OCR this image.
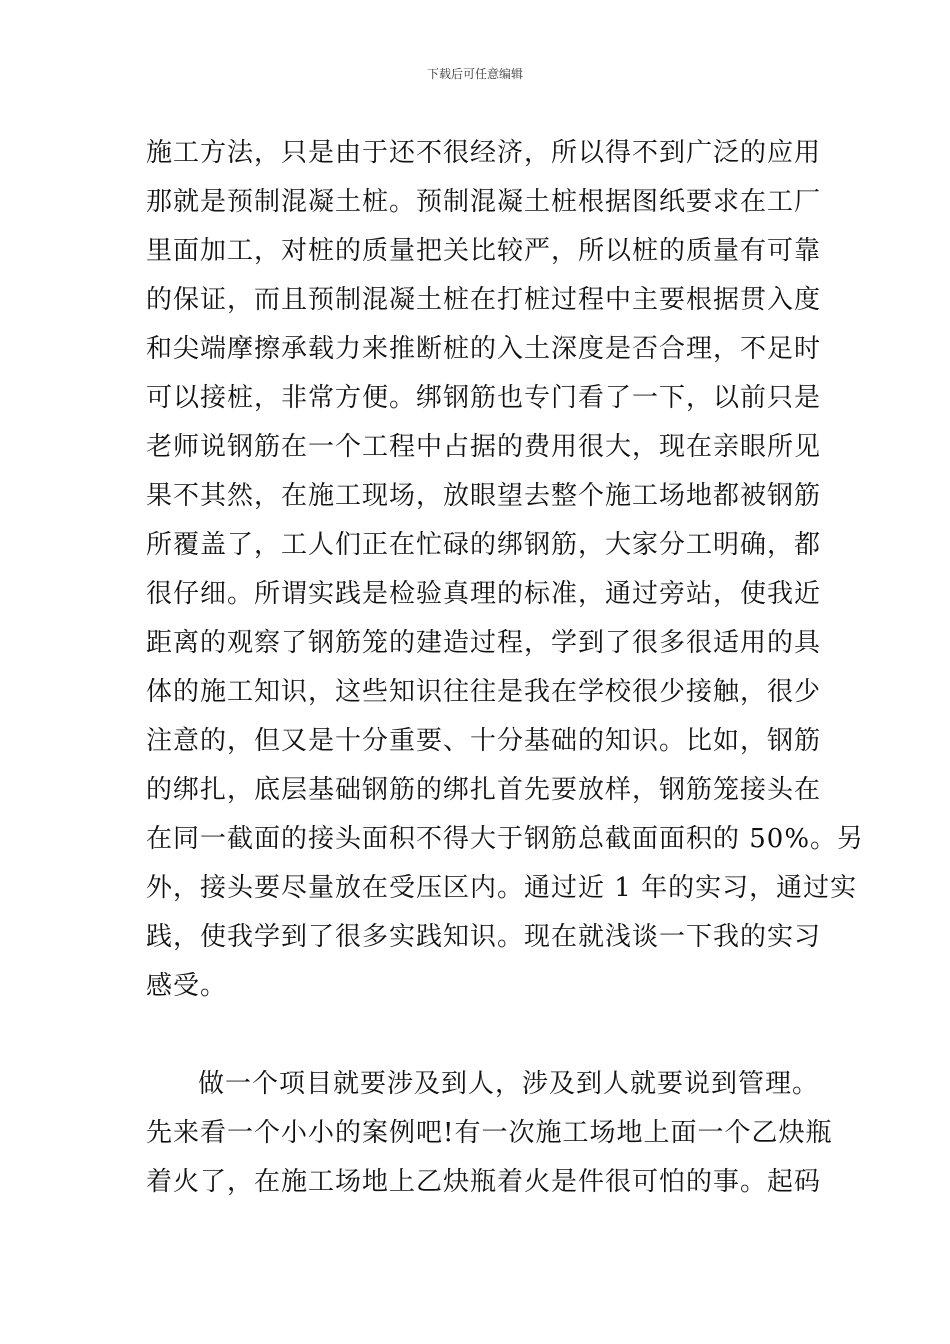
下载后可任意编辑
施工方法，只是由于还不很经济，所以得不到广泛的应用
那就是预制混凝土桩。预制混凝土桩根据图纸要求在工厂
里面加工，对桩的质量把关比较严，所以桩的质量有可靠
的保证，而且预制混凝土桩在打桩过程中主要根据贯入度
和尖端摩擦承载力来推断桩的入土深度是否合理，不足时
可以接桩，非常方便。绑钢筋也专门看了一下，以前只是
老师说钢筋在一个工程中占据的费用很大，现在亲眼所见
果不其然，在施工现场，放眼望去整个施工场地都被钢筋
所覆盖了，工人们正在忙碌的绑钢筋，大家分工明确，都
很仔细。所谓实践是检验真理的标准，通过旁站，使我近
距离的观察了钢筋笼的建造过程，学到了很多很适用的具
体的施工知识，这些知识往往是我在学校很少接触，很少
注意的，但又是十分重要、十分基础的知识。比如，钢筋
的绑扎，底层基础钢筋的绑扎首先要放样，钢筋笼接头在
在同一截面的接头面积不得大于钢筋总截面面积的 50%。另
外，接头要尽量放在受压区内。通过近 1 年的实习，通过实
践，使我学到了很多实践知识。现在就浅谈一下我的实习
感受。
做一个项目就要涉及到人，涉及到人就要说到管理。
先来看一个小小的案例吧!有一次施工场地上面一个乙炔瓶
着火了，在施工场地上乙炔瓶着火是件很可怕的事。起码
